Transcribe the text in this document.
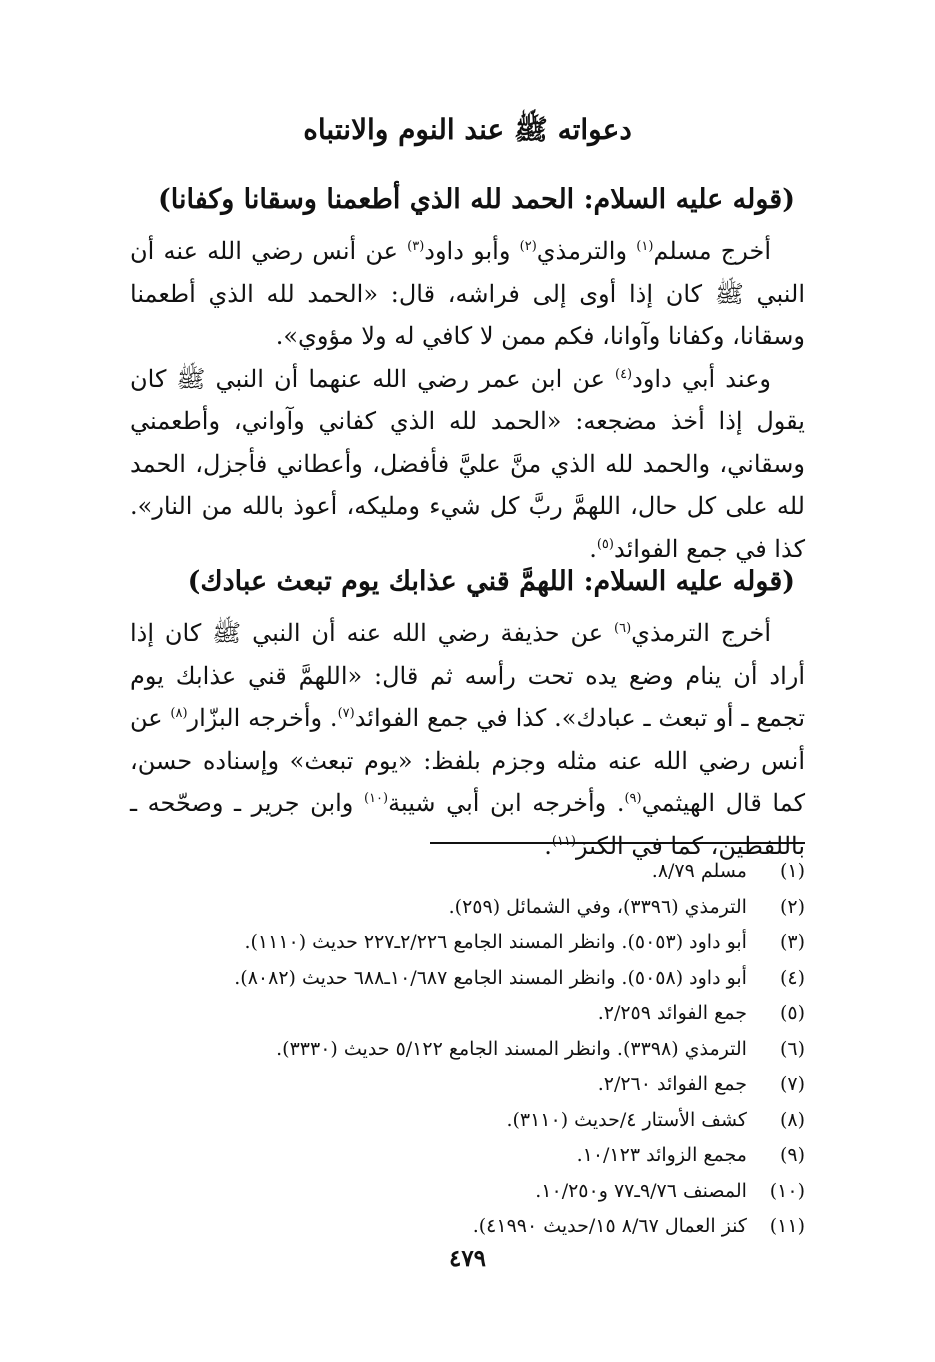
دعواته ﷺ عند النوم والانتباه
(قوله عليه السلام: الحمد لله الذي أطعمنا وسقانا وكفانا)

أخرج مسلم$^{(١)}$ والترمذي$^{(٢)}$ وأبو داود$^{(٣)}$ عن أنس رضي الله عنه أن النبي ﷺ كان إذا أوى إلى فراشه، قال: «الحمد لله الذي أطعمنا وسقانا، وكفانا وآوانا، فكم ممن لا كافي له ولا مؤوي».

وعند أبي داود$^{(٤)}$ عن ابن عمر رضي الله عنهما أن النبي ﷺ كان يقول إذا أخذ مضجعه: «الحمد لله الذي كفاني وآواني، وأطعمني وسقاني، والحمد لله الذي منَّ عليَّ فأفضل، وأعطاني فأجزل، الحمد لله على كل حال، اللهمَّ ربَّ كل شيء ومليكه، أعوذ بالله من النار». كذا في جمع الفوائد$^{(٥)}$.

(قوله عليه السلام: اللهمَّ قني عذابك يوم تبعث عبادك)

أخرج الترمذي$^{(٦)}$ عن حذيفة رضي الله عنه أن النبي ﷺ كان إذا أراد أن ينام وضع يده تحت رأسه ثم قال: «اللهمَّ قني عذابك يوم تجمع ـ أو تبعث ـ عبادك». كذا في جمع الفوائد$^{(٧)}$. وأخرجه البزّار$^{(٨)}$ عن أنس رضي الله عنه مثله وجزم بلفظ: «يوم تبعث» وإسناده حسن، كما قال الهيثمي$^{(٩)}$. وأخرجه ابن أبي شيبة$^{(١٠)}$ وابن جرير ـ وصحّحه ـ باللفظين، كما في الكنز$^{(١١)}$.

(١) مسلم ٨/٧٩.
(٢) الترمذي (٣٣٩٦)، وفي الشمائل (٢٥٩).
(٣) أبو داود (٥٠٥٣). وانظر المسند الجامع ٢/٢٢٦ـ٢٢٧ حديث (١١١٠).
(٤) أبو داود (٥٠٥٨). وانظر المسند الجامع ١٠/٦٨٧ـ٦٨٨ حديث (٨٠٨٢).
(٥) جمع الفوائد ٢/٢٥٩.
(٦) الترمذي (٣٣٩٨). وانظر المسند الجامع ٥/١٢٢ حديث (٣٣٣٠).
(٧) جمع الفوائد ٢/٢٦٠.
(٨) كشف الأستار ٤/حديث (٣١١٠).
(٩) مجمع الزوائد ١٠/١٢٣.
(١٠) المصنف ٩/٧٦ـ٧٧ و١٠/٢٥٠.
(١١) كنز العمال ٨/٦٧ ١٥/حديث ٤١٩٩٠).
٤٧٩
